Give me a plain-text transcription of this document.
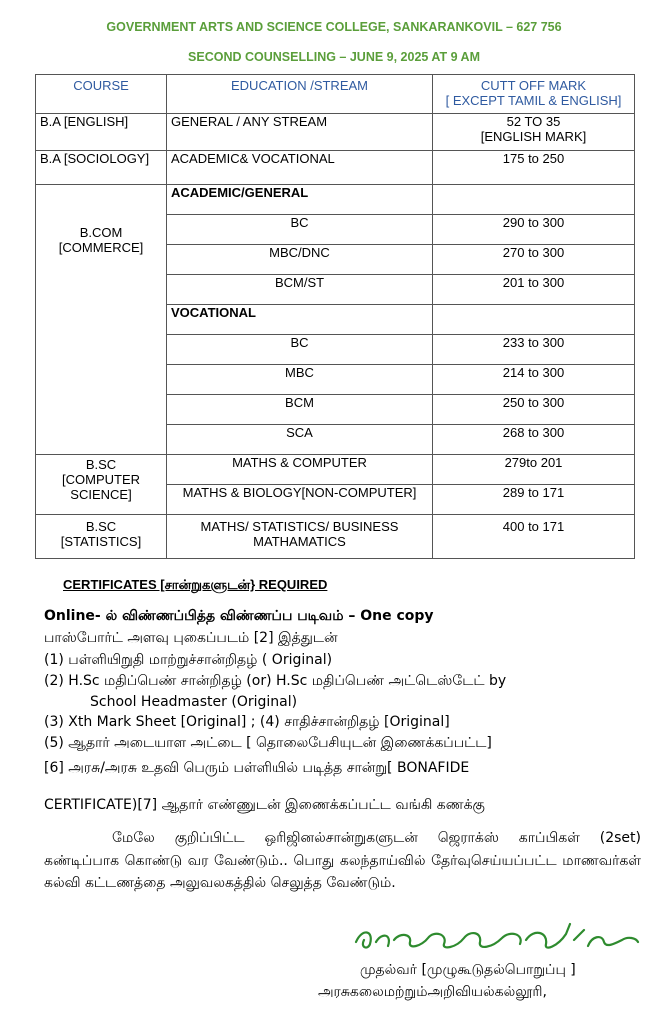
GOVERNMENT ARTS AND SCIENCE COLLEGE, SANKARANKOVIL – 627 756
SECOND COUNSELLING – JUNE 9, 2025 AT 9 AM
COURSE	EDUCATION /STREAM	CUTT OFF MARK
[ EXCEPT TAMIL & ENGLISH]
B.A [ENGLISH]	GENERAL / ANY STREAM	52 TO 35
[ENGLISH MARK]
B.A [SOCIOLOGY]	ACADEMIC& VOCATIONAL	175 to 250
B.COM
[COMMERCE]	ACADEMIC/GENERAL	
	BC	290 to 300
	MBC/DNC	270 to 300
	BCM/ST	201 to 300
	VOCATIONAL	
	BC	233 to 300
	MBC	214 to 300
	BCM	250 to 300
	SCA	268 to 300
B.SC
[COMPUTER
SCIENCE]	MATHS & COMPUTER	279to 201
	MATHS & BIOLOGY[NON-COMPUTER]	289 to 171
B.SC
[STATISTICS]	MATHS/ STATISTICS/ BUSINESS
MATHAMATICS	400 to 171
CERTIFICATES [சான்றுகளுடன்} REQUIRED
Online- ல் விண்ணப்பித்த விண்ணப்ப படிவம் – One copy
பாஸ்போர்ட் அளவு புகைப்படம் [2] இத்துடன்
(1) பள்ளியிறுதி மாற்றுச்சான்றிதழ் ( Original)
(2) H.Sc மதிப்பெண் சான்றிதழ் (or) H.Sc மதிப்பெண் அட்டெஸ்டேட் by
School Headmaster (Original)
(3) Xth Mark Sheet [Original] ; (4) சாதிச்சான்றிதழ் [Original]
(5) ஆதார் அடையாள அட்டை [ தொலைபேசியுடன் இணைக்கப்பட்ட]
[6] அரசு/அரசு உதவி பெரும் பள்ளியில் படித்த சான்று[ BONAFIDE
CERTIFICATE)[7] ஆதார் எண்ணுடன் இணைக்கப்பட்ட வங்கி கணக்கு
மேலே குறிப்பிட்ட ஒரிஜினல்சான்றுகளுடன் ஜெராக்ஸ் காப்பிகள் (2set) கண்டிப்பாக கொண்டு வர வேண்டும்.. பொது கலந்தாய்வில் தேர்வுசெய்யப்பட்ட மாணவர்கள் கல்வி கட்டணத்தை அலுவலகத்தில் செலுத்த வேண்டும்.
முதல்வர் [முழுகூடுதல்பொறுப்பு ]
அரசுகலைமற்றும்அறிவியல்கல்லூரி,
